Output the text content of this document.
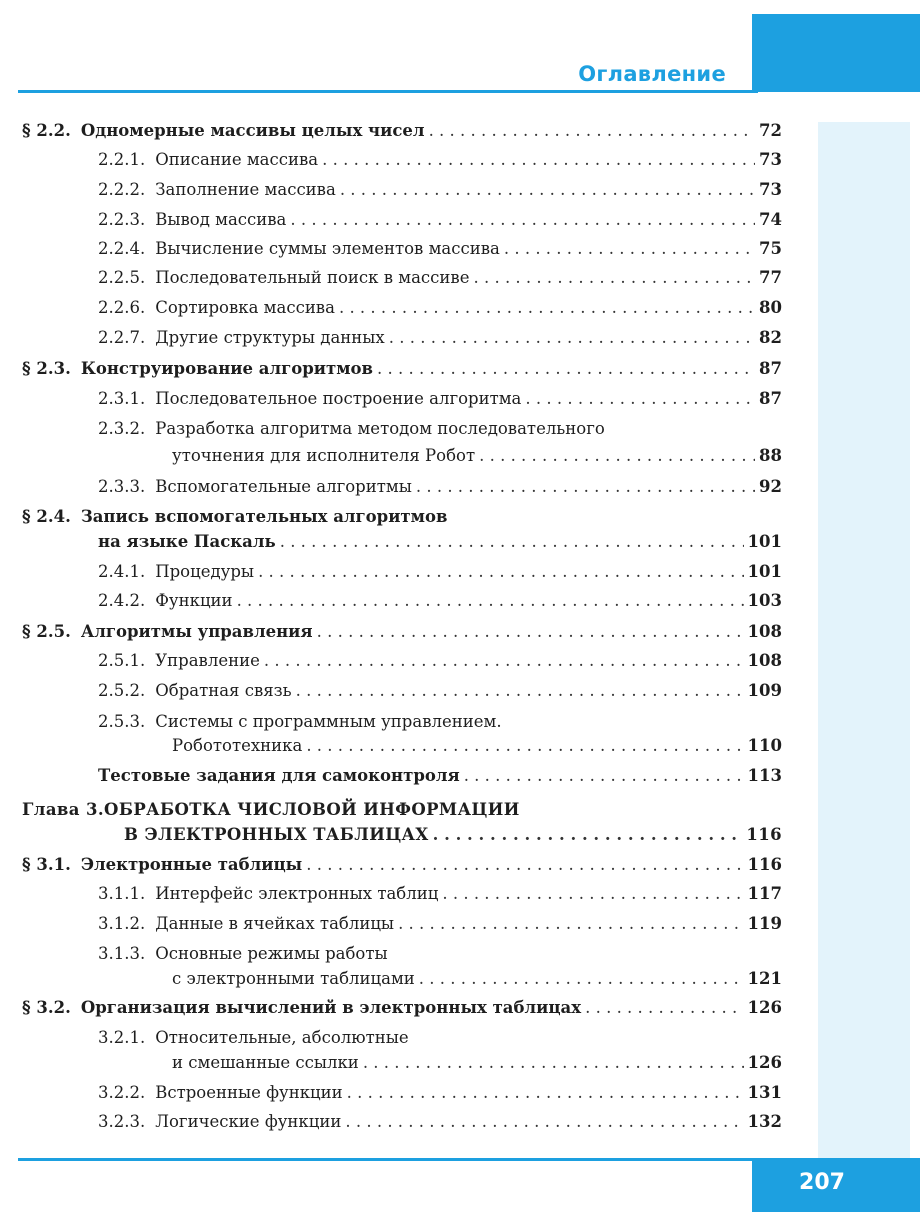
Оглавление
§ 2.2. Одномерные массивы целых чисел . . .	72
2.2.1. Описание массива . . .	73
2.2.2. Заполнение массива . . .	73
2.2.3. Вывод массива . . .	74
2.2.4. Вычисление суммы элементов массива . . .	75
2.2.5. Последовательный поиск в массиве . . .	77
2.2.6. Сортировка массива . . .	80
2.2.7. Другие структуры данных . . .	82
§ 2.3. Конструирование алгоритмов . . .	87
2.3.1. Последовательное построение алгоритма . . .	87
2.3.2. Разработка алгоритма методом последовательного
уточнения для исполнителя Робот . . .	88
2.3.3. Вспомогательные алгоритмы . . .	92
§ 2.4. Запись вспомогательных алгоритмов
на языке Паскаль . . .	101
2.4.1. Процедуры . . .	101
2.4.2. Функции . . .	103
§ 2.5. Алгоритмы управления . . .	108
2.5.1. Управление . . .	108
2.5.2. Обратная связь . . .	109
2.5.3. Системы с программным управлением.
Робототехника . . .	110
Тестовые задания для самоконтроля . . .	113
Глава 3. ОБРАБОТКА ЧИСЛОВОЙ ИНФОРМАЦИИ
В ЭЛЕКТРОННЫХ ТАБЛИЦАХ . . .	116
§ 3.1. Электронные таблицы . . .	116
3.1.1. Интерфейс электронных таблиц . . .	117
3.1.2. Данные в ячейках таблицы . . .	119
3.1.3. Основные режимы работы
с электронными таблицами . . .	121
§ 3.2. Организация вычислений в электронных таблицах . . .	126
3.2.1. Относительные, абсолютные
и смешанные ссылки . . .	126
3.2.2. Встроенные функции . . .	131
3.2.3. Логические функции . . .	132
207
